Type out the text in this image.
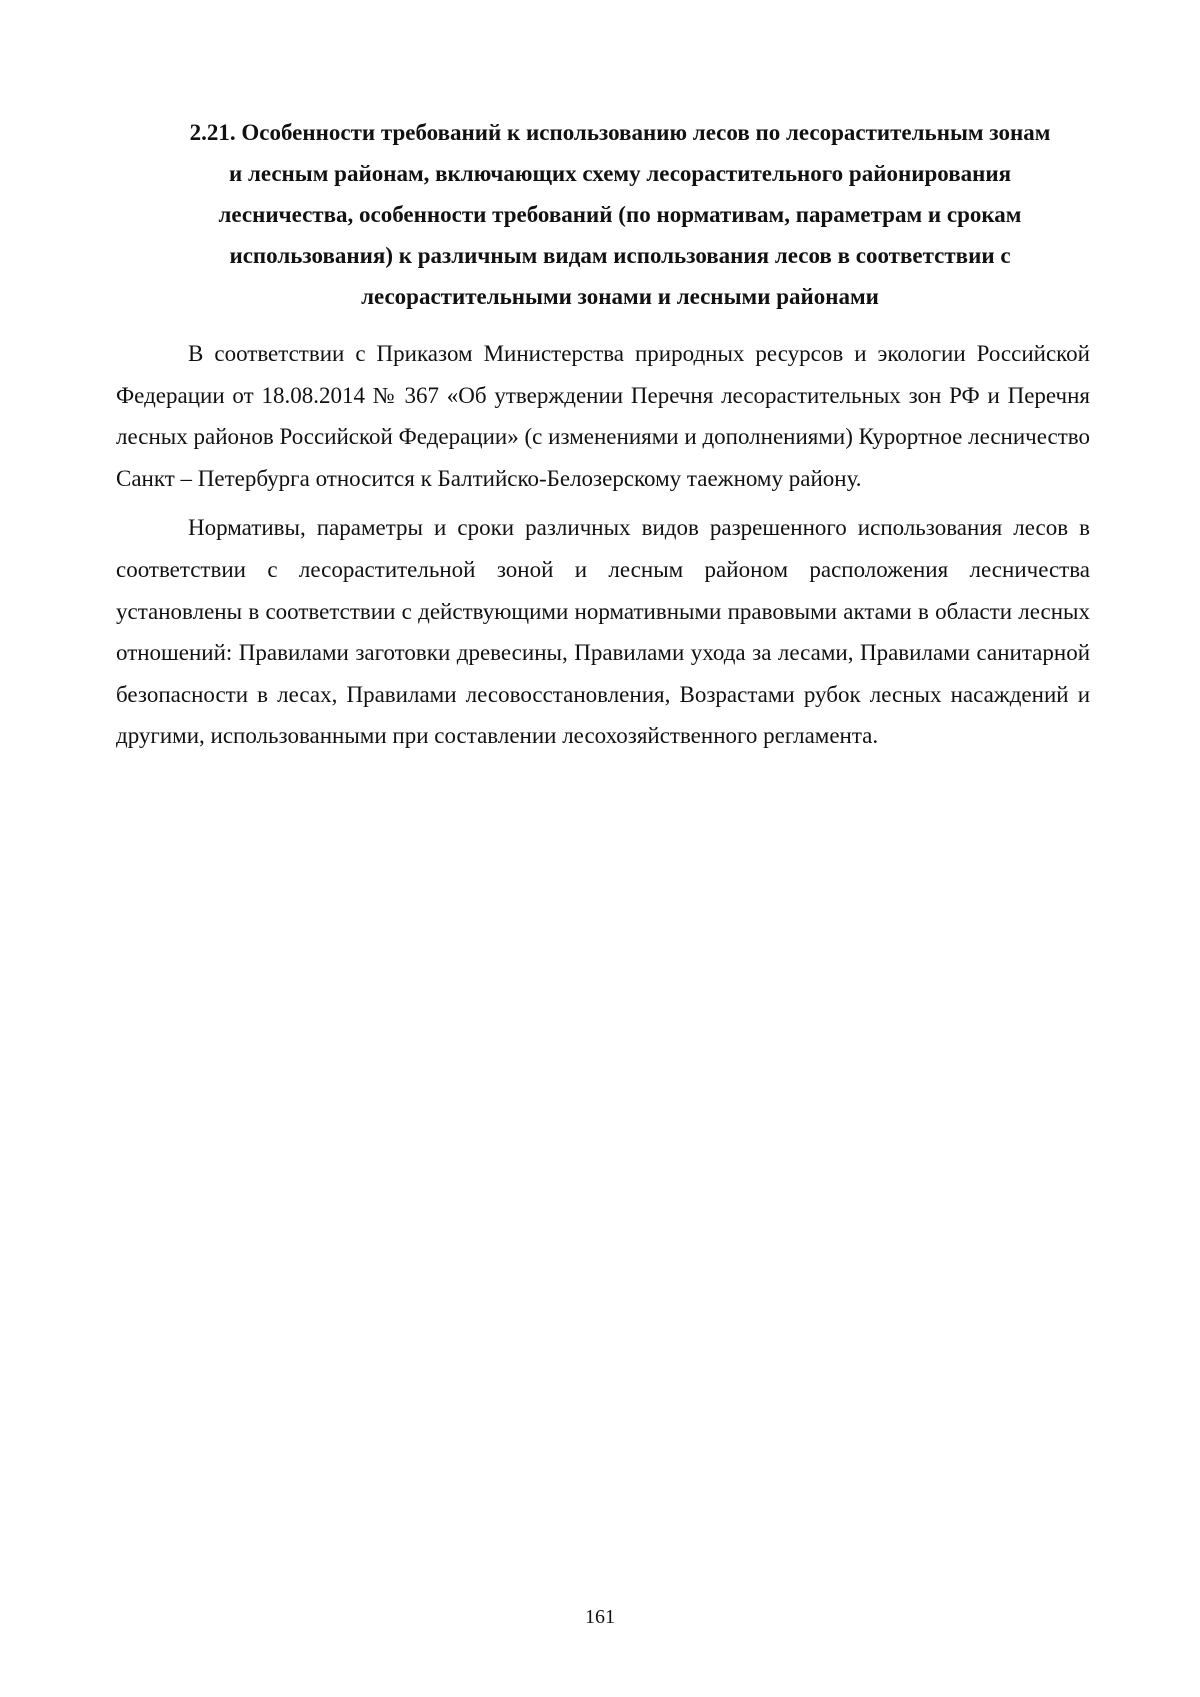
2.21. Особенности требований к использованию лесов по лесорастительным зонам
и лесным районам, включающих схему лесорастительного районирования
лесничества, особенности требований (по нормативам, параметрам и срокам
использования) к различным видам использования лесов в соответствии с
лесорастительными зонами и лесными районами

В соответствии с Приказом Министерства природных ресурсов и экологии Российской Федерации от 18.08.2014 № 367 «Об утверждении Перечня лесорастительных зон РФ и Перечня лесных районов Российской Федерации» (с изменениями и дополнениями) Курортное лесничество Санкт – Петербурга относится к Балтийско-Белозерскому таежному району.

Нормативы, параметры и сроки различных видов разрешенного использования лесов в соответствии с лесорастительной зоной и лесным районом расположения лесничества установлены в соответствии с действующими нормативными правовыми актами в области лесных отношений: Правилами заготовки древесины, Правилами ухода за лесами, Правилами санитарной безопасности в лесах, Правилами лесовосстановления, Возрастами рубок лесных насаждений и другими, использованными при составлении лесохозяйственного регламента.

161
